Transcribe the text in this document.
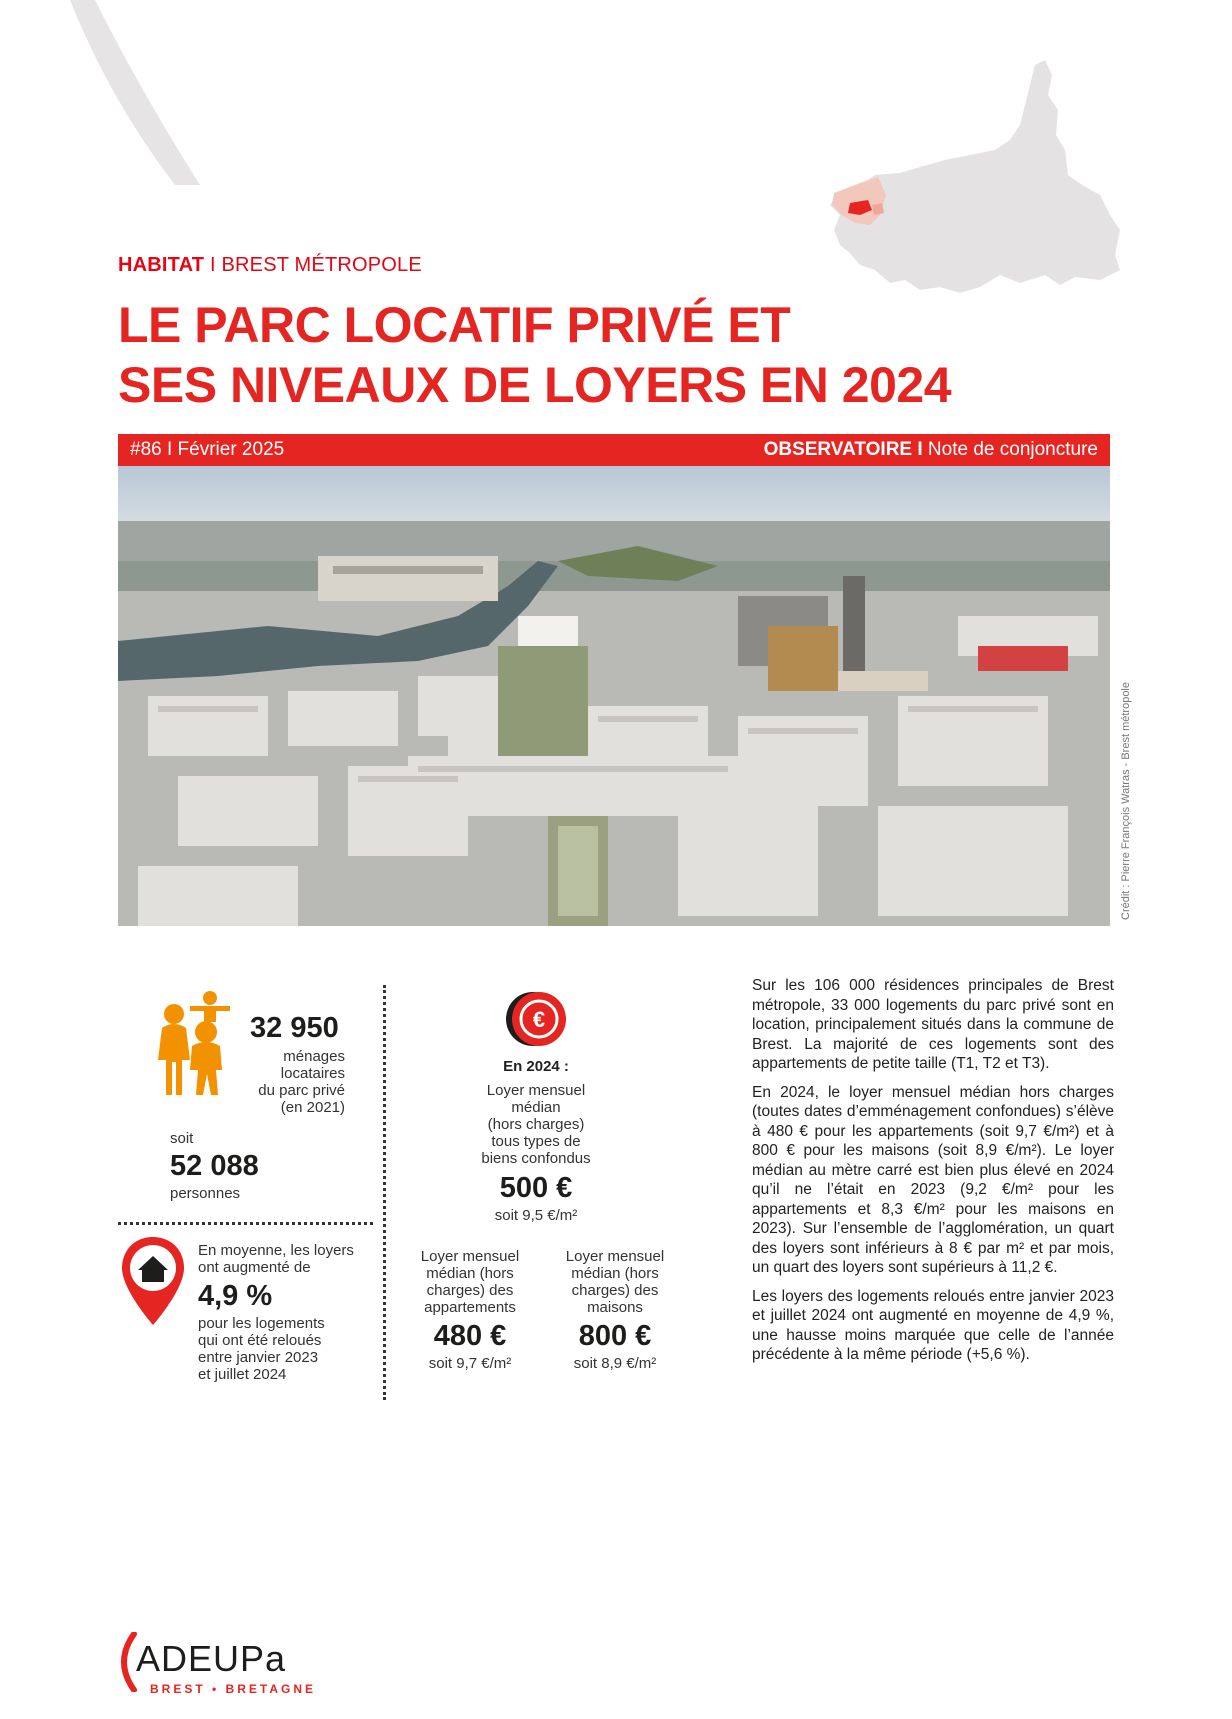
HABITAT I BREST MÉTROPOLE
LE PARC LOCATIF PRIVÉ ET
SES NIVEAUX DE LOYERS EN 2024
#86 I Février 2025	OBSERVATOIRE I Note de conjoncture
Crédit : Pierre François Watras - Brest métropole
32 950
ménages
locataires
du parc privé
(en 2021)
soit
52 088
personnes
En moyenne, les loyers
ont augmenté de
4,9 %
pour les logements
qui ont été reloués
entre janvier 2023
et juillet 2024
€
En 2024 :
Loyer mensuel
médian
(hors charges)
tous types de
biens confondus
500 €
soit 9,5 €/m²
Loyer mensuel
médian (hors
charges) des
appartements
480 €
soit 9,7 €/m²
Loyer mensuel
médian (hors
charges) des
maisons
800 €
soit 8,9 €/m²

Sur les 106 000 résidences principales de Brest métropole, 33 000 logements du parc privé sont en location, principalement situés dans la commune de Brest. La majorité de ces logements sont des appartements de petite taille (T1, T2 et T3).

En 2024, le loyer mensuel médian hors charges (toutes dates d’emménagement confondues) s’élève à 480 € pour les appartements (soit 9,7 €/m²) et à 800 € pour les maisons (soit 8,9 €/m²). Le loyer médian au mètre carré est bien plus élevé en 2024 qu’il ne l’était en 2023 (9,2 €/m² pour les appartements et 8,3 €/m² pour les maisons en 2023). Sur l’ensemble de l’agglomération, un quart des loyers sont inférieurs à 8 € par m² et par mois, un quart des loyers sont supérieurs à 11,2 €.

Les loyers des logements reloués entre janvier 2023 et juillet 2024 ont augmenté en moyenne de 4,9 %, une hausse moins marquée que celle de l’année précédente à la même période (+5,6 %).

ADEUPa
BREST • BRETAGNE
